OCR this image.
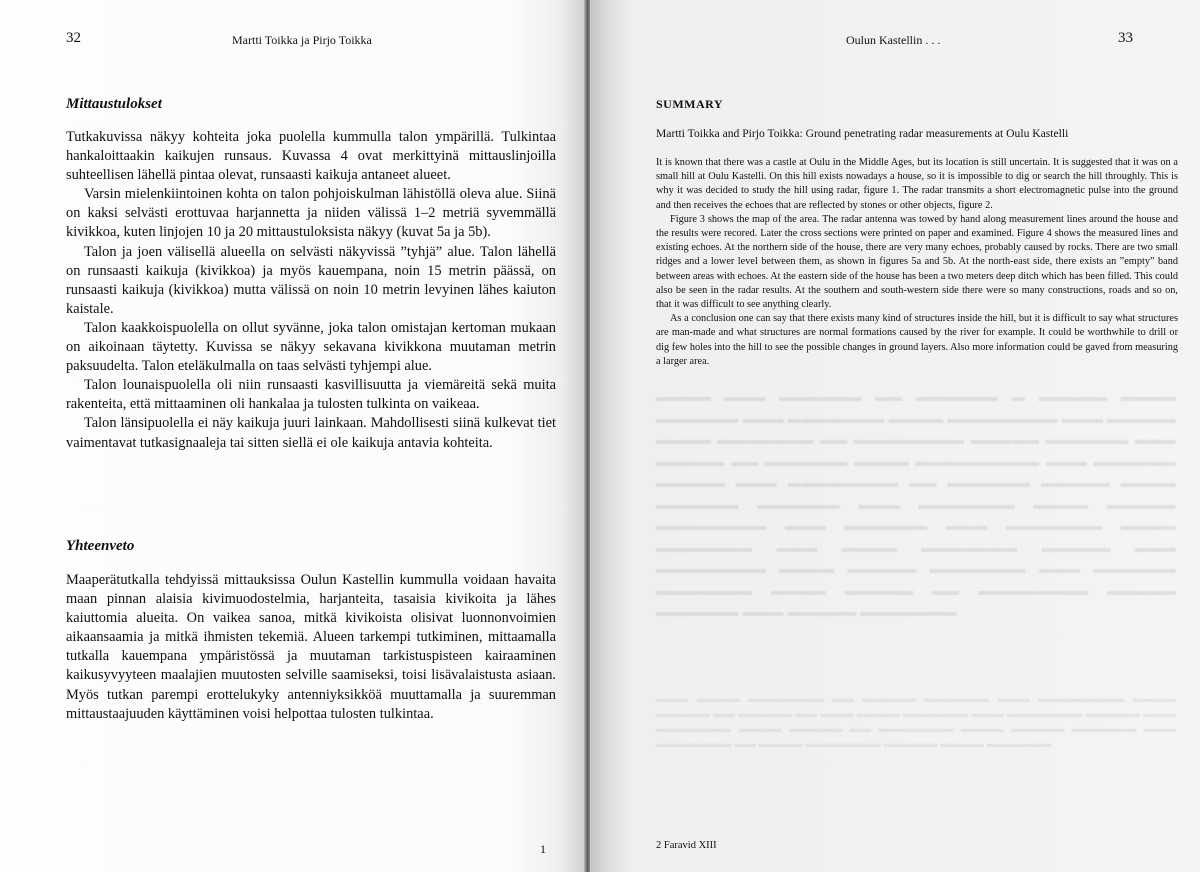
32	Martti Toikka ja Pirjo Toikka
Mittaustulokset

Tutkakuvissa näkyy kohteita joka puolella kummulla talon ympärillä. Tulkintaa hankaloittaakin kaikujen runsaus. Kuvassa 4 ovat merkittyinä mittauslinjoilla suhteellisen lähellä pintaa olevat, runsaasti kaikuja antaneet alueet.

Varsin mielenkiintoinen kohta on talon pohjoiskulman lähistöllä oleva alue. Siinä on kaksi selvästi erottuvaa harjannetta ja niiden välissä 1–2 metriä syvemmällä kivikkoa, kuten linjojen 10 ja 20 mittaustuloksista näkyy (kuvat 5a ja 5b).

Talon ja joen välisellä alueella on selvästi näkyvissä ”tyhjä” alue. Talon lähellä on runsaasti kaikuja (kivikkoa) ja myös kauempana, noin 15 metrin päässä, on runsaasti kaikuja (kivikkoa) mutta välissä on noin 10 metrin levyinen lähes kaiuton kaistale.

Talon kaakkoispuolella on ollut syvänne, joka talon omistajan kertoman mukaan on aikoinaan täytetty. Kuvissa se näkyy sekavana kivikkona muutaman metrin paksuudelta. Talon eteläkulmalla on taas selvästi tyhjempi alue.

Talon lounaispuolella oli niin runsaasti kasvillisuutta ja viemäreitä sekä muita rakenteita, että mittaaminen oli hankalaa ja tulosten tulkinta on vaikeaa.

Talon länsipuolella ei näy kaikuja juuri lainkaan. Mahdollisesti siinä kulkevat tiet vaimentavat tutkasignaaleja tai sitten siellä ei ole kaikuja antavia kohteita.

Yhteenveto

Maaperätutkalla tehdyissä mittauksissa Oulun Kastellin kummulla voidaan havaita maan pinnan alaisia kivimuodostelmia, harjanteita, tasaisia kivikoita ja lähes kaiuttomia alueita. On vaikea sanoa, mitkä kivikoista olisivat luonnonvoimien aikaansaamia ja mitkä ihmisten tekemiä. Alueen tarkempi tutkiminen, mittaamalla tutkalla kauempana ympäristössä ja muutaman tarkistuspisteen kairaaminen kaikusyvyyteen maalajien muutosten selville saamiseksi, toisi lisävalaistusta asiaan. Myös tutkan parempi erottelukyky antenniyksikköä muuttamalla ja suuremman mittaustaajuuden käyttäminen voisi helpottaa tulosten tulkintaa.

1
Oulun Kastellin . . .	33
▬▬▬▬ ▬▬▬ ▬▬▬▬▬▬ ▬▬ ▬▬▬▬▬▬ ▬ ▬▬▬▬▬ ▬▬▬▬ ▬▬▬▬▬▬ ▬▬▬ ▬▬▬▬▬▬▬ ▬▬▬▬ ▬▬▬▬▬▬▬▬ ▬▬▬ ▬▬▬▬▬ ▬▬▬▬ ▬▬▬▬▬▬▬ ▬▬ ▬▬▬▬▬▬▬▬ ▬▬▬▬▬ ▬▬▬▬▬▬ ▬▬▬ ▬▬▬▬▬ ▬▬ ▬▬▬▬▬▬ ▬▬▬▬ ▬▬▬▬▬▬▬▬▬ ▬▬▬ ▬▬▬▬▬▬ ▬▬▬▬▬ ▬▬▬ ▬▬▬▬▬▬▬▬ ▬▬ ▬▬▬▬▬▬ ▬▬▬▬▬ ▬▬▬▬ ▬▬▬▬▬▬ ▬▬▬▬▬▬ ▬▬▬ ▬▬▬▬▬▬▬ ▬▬▬▬ ▬▬▬▬▬ ▬▬▬▬▬▬▬▬ ▬▬▬ ▬▬▬▬▬▬ ▬▬▬ ▬▬▬▬▬▬▬ ▬▬▬▬ ▬▬▬▬▬▬▬ ▬▬▬ ▬▬▬▬ ▬▬▬▬▬▬▬ ▬▬▬▬▬ ▬▬▬ ▬▬▬▬▬▬▬▬ ▬▬▬▬ ▬▬▬▬▬ ▬▬▬▬▬▬▬ ▬▬▬ ▬▬▬▬▬▬ ▬▬▬▬▬▬▬ ▬▬▬▬ ▬▬▬▬▬ ▬▬ ▬▬▬▬▬▬▬▬ ▬▬▬▬▬ ▬▬▬▬▬▬ ▬▬▬ ▬▬▬▬▬ ▬▬▬▬▬▬▬
▬▬▬ ▬▬▬▬ ▬▬▬▬▬▬▬ ▬▬ ▬▬▬▬▬ ▬▬▬▬▬▬ ▬▬▬ ▬▬▬▬▬▬▬▬ ▬▬▬▬ ▬▬▬▬▬ ▬▬ ▬▬▬▬▬ ▬▬ ▬▬▬ ▬▬▬▬ ▬▬▬▬▬▬ ▬▬▬ ▬▬▬▬▬▬▬ ▬▬▬▬▬ ▬▬▬ ▬▬▬▬▬▬▬ ▬▬▬▬ ▬▬▬▬▬ ▬▬ ▬▬▬▬▬▬▬ ▬▬▬▬ ▬▬▬▬▬ ▬▬▬▬▬▬ ▬▬▬ ▬▬▬▬▬▬▬ ▬▬ ▬▬▬▬ ▬▬▬▬▬▬▬ ▬▬▬▬▬ ▬▬▬▬ ▬▬▬▬▬▬
SUMMARY

Martti Toikka and Pirjo Toikka: Ground penetrating radar measurements at Oulu Kastelli

It is known that there was a castle at Oulu in the Middle Ages, but its location is still uncertain. It is suggested that it was on a small hill at Oulu Kastelli. On this hill exists nowadays a house, so it is impossible to dig or search the hill throughly. This is why it was decided to study the hill using radar, figure 1. The radar transmits a short electromagnetic pulse into the ground and then receives the echoes that are reflected by stones or other objects, figure 2.

Figure 3 shows the map of the area. The radar antenna was towed by hand along measurement lines around the house and the results were recored. Later the cross sections were printed on paper and examined. Figure 4 shows the measured lines and existing echoes. At the northern side of the house, there are very many echoes, probably caused by rocks. There are two small ridges and a lower level between them, as shown in figures 5a and 5b. At the north-east side, there exists an ”empty” band between areas with echoes. At the eastern side of the house has been a two meters deep ditch which has been filled. This could also be seen in the radar results. At the southern and south-western side there were so many constructions, roads and so on, that it was difficult to see anything clearly.

As a conclusion one can say that there exists many kind of structures inside the hill, but it is difficult to say what structures are man-made and what structures are normal formations caused by the river for example. It could be worthwhile to drill or dig few holes into the hill to see the possible changes in ground layers. Also more information could be gaved from measuring a larger area.

2 Faravid XIII
